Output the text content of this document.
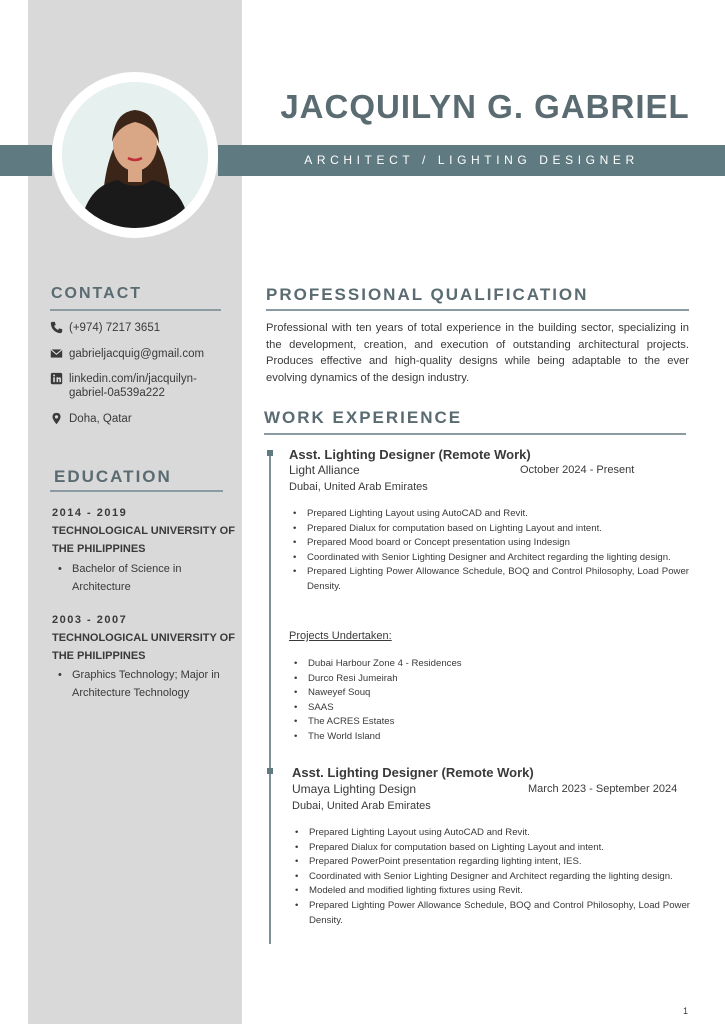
ARCHITECT / LIGHTING DESIGNER
JACQUILYN G. GABRIEL
CONTACT
(+974) 7217 3651
gabrieljacquig@gmail.com
linkedin.com/in/jacquilyn-gabriel-0a539a222
Doha, Qatar
EDUCATION
2014 - 2019
TECHNOLOGICAL UNIVERSITY OF THE PHILIPPINES
• Bachelor of Science in Architecture
2003 - 2007
TECHNOLOGICAL UNIVERSITY OF THE PHILIPPINES
• Graphics Technology; Major in Architecture Technology
PROFESSIONAL QUALIFICATION
Professional with ten years of total experience in the building sector, specializing in the development, creation, and execution of outstanding architectural projects. Produces effective and high-quality designs while being adaptable to the ever evolving dynamics of the design industry.
WORK EXPERIENCE
Asst. Lighting Designer (Remote Work)
Light Alliance	October 2024 - Present
Dubai, United Arab Emirates
• Prepared Lighting Layout using AutoCAD and Revit.
• Prepared Dialux for computation based on Lighting Layout and intent.
• Prepared Mood board or Concept presentation using Indesign
• Coordinated with Senior Lighting Designer and Architect regarding the lighting design.
• Prepared Lighting Power Allowance Schedule, BOQ and Control Philosophy, Load Power Density.
Projects Undertaken:
• Dubai Harbour Zone 4 - Residences
• Durco Resi Jumeirah
• Naweyef Souq
• SAAS
• The ACRES Estates
• The World Island
Asst. Lighting Designer (Remote Work)
Umaya Lighting Design	March 2023 - September 2024
Dubai, United Arab Emirates
• Prepared Lighting Layout using AutoCAD and Revit.
• Prepared Dialux for computation based on Lighting Layout and intent.
• Prepared PowerPoint presentation regarding lighting intent, IES.
• Coordinated with Senior Lighting Designer and Architect regarding the lighting design.
• Modeled and modified lighting fixtures using Revit.
• Prepared Lighting Power Allowance Schedule, BOQ and Control Philosophy, Load Power Density.
1
